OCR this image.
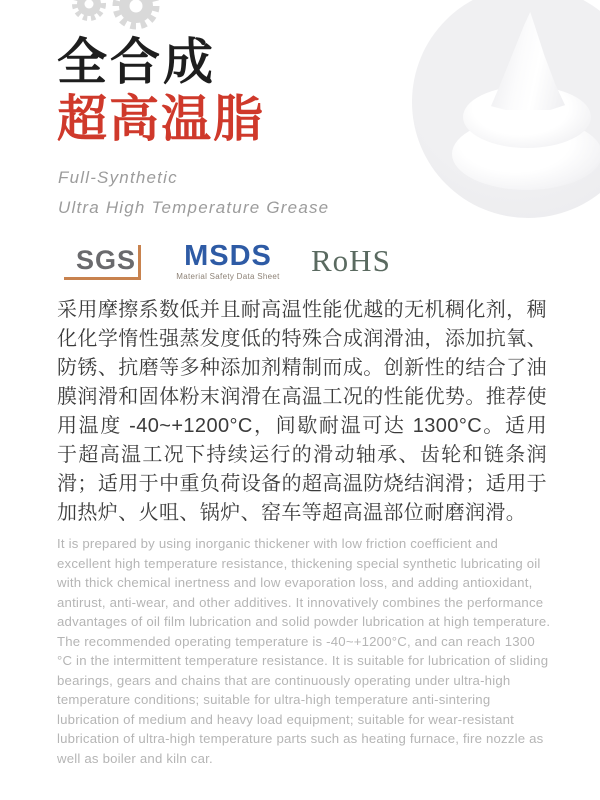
全合成
超高温脂
Full-Synthetic
Ultra High Temperature Grease
SGS	MSDS
Material Safety Data Sheet RoHS

采用摩擦系数低并且耐高温性能优越的无机稠化剂，稠化化学惰性强蒸发度低的特殊合成润滑油，添加抗氧、防锈、抗磨等多种添加剂精制而成。创新性的结合了油膜润滑和固体粉末润滑在高温工况的性能优势。推荐使用温度 -40~+1200°C，间歇耐温可达 1300°C。适用于超高温工况下持续运行的滑动轴承、齿轮和链条润滑；适用于中重负荷设备的超高温防烧结润滑；适用于加热炉、火咀、锅炉、窑车等超高温部位耐磨润滑。

It is prepared by using inorganic thickener with low friction coefficient and excellent high temperature resistance, thickening special synthetic lubricating oil with thick chemical inertness and low evaporation loss, and adding antioxidant, antirust, anti-wear, and other additives. It innovatively combines the performance advantages of oil film lubrication and solid powder lubrication at high temperature. The recommended operating temperature is -40~+1200°C, and can reach 1300 °C in the intermittent temperature resistance. It is suitable for lubrication of sliding bearings, gears and chains that are continuously operating under ultra-high temperature conditions; suitable for ultra-high temperature anti-sintering lubrication of medium and heavy load equipment; suitable for wear-resistant lubrication of ultra-high temperature parts such as heating furnace, fire nozzle as well as boiler and kiln car.
